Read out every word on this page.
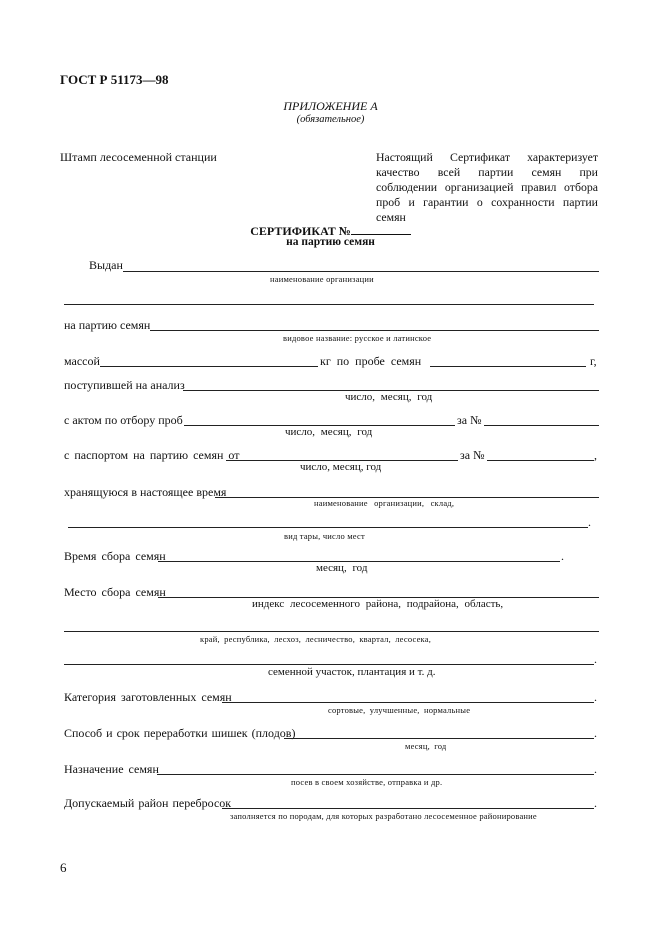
ГОСТ Р 51173—98
ПРИЛОЖЕНИЕ А
(обязательное)
Штамп лесосеменной станции	Настоящий Сертификат характеризует качество всей партии семян при соблюдении организацией правил отбора проб и гарантии о сохранности партии семян
СЕРТИФИКАТ №
на партию семян
Выдан
наименование организации
на партию семян
видовое название: русское и латинское
массой	кг по пробе семян	г,
поступившей на анализ
число, месяц, год
с актом по отбору проб	за №
число, месяц, год
с паспортом на партию семян от	за №	,
число, месяц, год
хранящуюся в настоящее время
наименование организации, склад,
.
вид тары, число мест
Время сбора семян	.
месяц, год
Место сбора семян
индекс лесосеменного района, подрайона, область,
край, республика, лесхоз, лесничество, квартал, лесосека,
.
семенной участок, плантация и т. д.
Категория заготовленных семян	.
сортовые, улучшенные, нормальные
Способ и срок переработки шишек (плодов)	.
месяц, год
Назначение семян	.
посев в своем хозяйстве, отправка и др.
Допускаемый район перебросок	.
заполняется по породам, для которых разработано лесосеменное районирование
6
